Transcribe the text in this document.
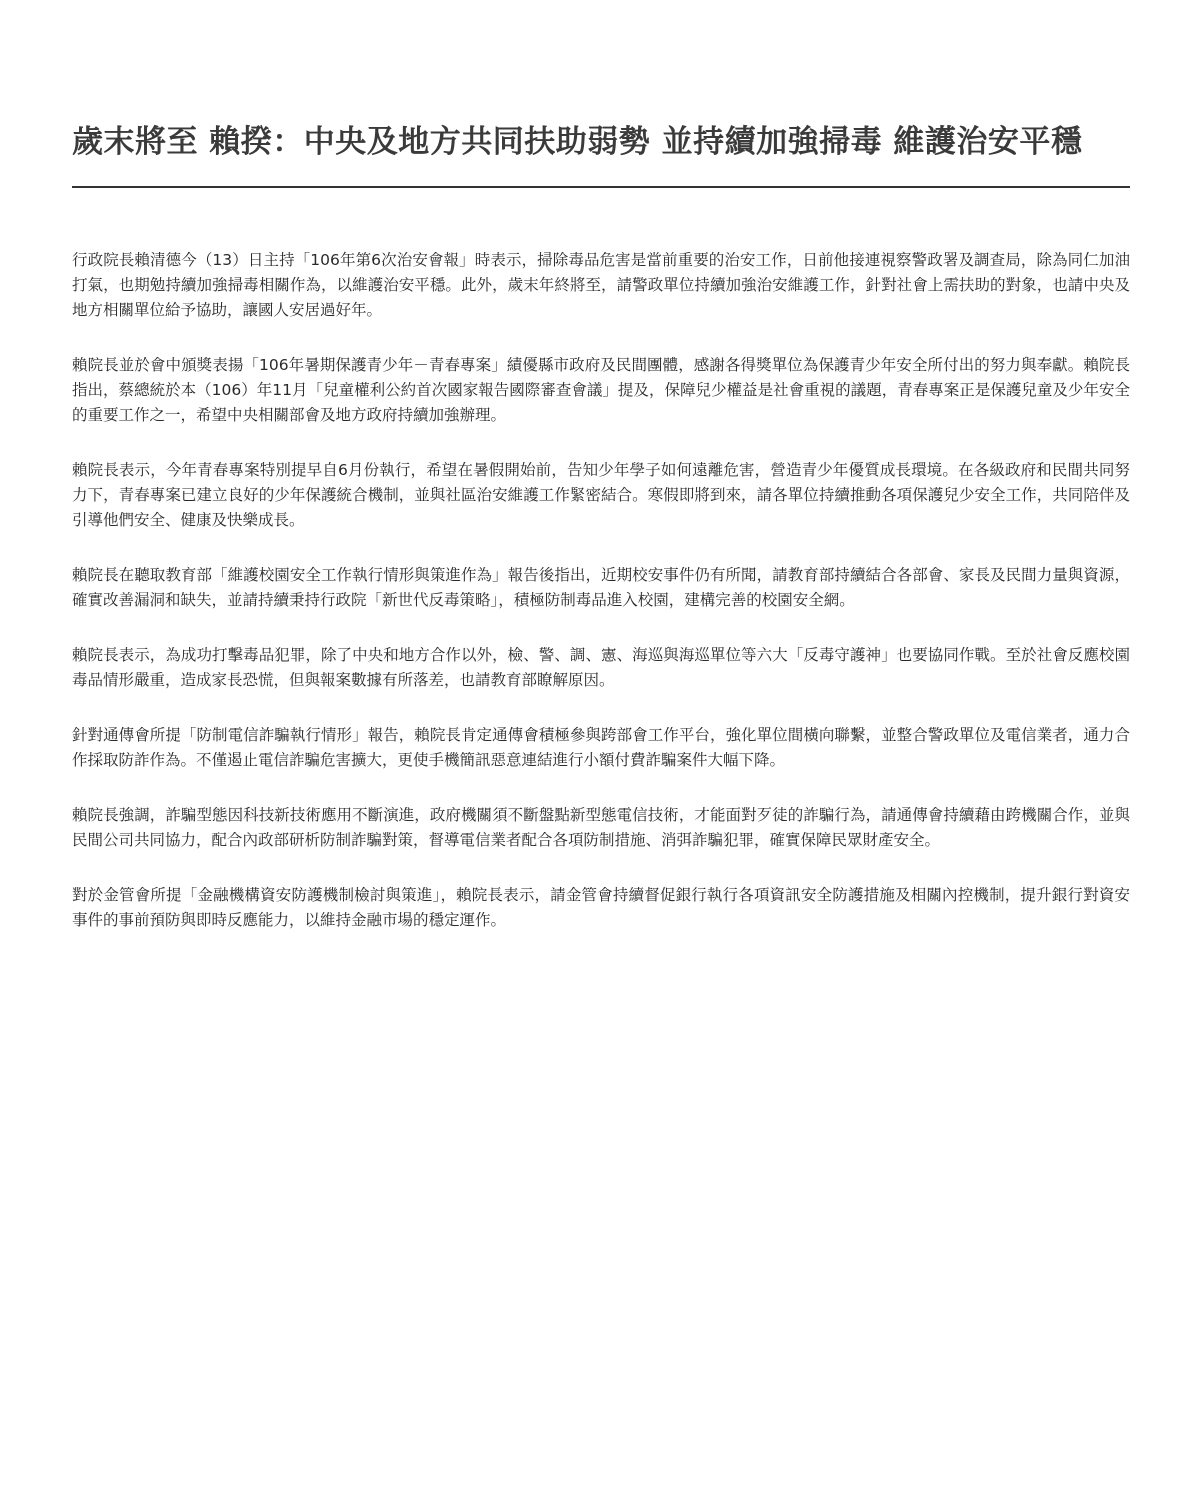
歲末將至 賴揆：中央及地方共同扶助弱勢 並持續加強掃毒 維護治安平穩

行政院長賴清德今（13）日主持「106年第6次治安會報」時表示，掃除毒品危害是當前重要的治安工作，日前他接連視察警政署及調查局，除為同仁加油打氣，也期勉持續加強掃毒相關作為，以維護治安平穩。此外，歲末年終將至，請警政單位持續加強治安維護工作，針對社會上需扶助的對象，也請中央及地方相關單位給予協助，讓國人安居過好年。

賴院長並於會中頒獎表揚「106年暑期保護青少年－青春專案」績優縣市政府及民間團體，感謝各得獎單位為保護青少年安全所付出的努力與奉獻。賴院長指出，蔡總統於本（106）年11月「兒童權利公約首次國家報告國際審查會議」提及，保障兒少權益是社會重視的議題，青春專案正是保護兒童及少年安全的重要工作之一，希望中央相關部會及地方政府持續加強辦理。

賴院長表示，今年青春專案特別提早自6月份執行，希望在暑假開始前，告知少年學子如何遠離危害，營造青少年優質成長環境。在各級政府和民間共同努力下，青春專案已建立良好的少年保護統合機制，並與社區治安維護工作緊密結合。寒假即將到來，請各單位持續推動各項保護兒少安全工作，共同陪伴及引導他們安全、健康及快樂成長。

賴院長在聽取教育部「維護校園安全工作執行情形與策進作為」報告後指出，近期校安事件仍有所聞，請教育部持續結合各部會、家長及民間力量與資源，確實改善漏洞和缺失，並請持續秉持行政院「新世代反毒策略」，積極防制毒品進入校園，建構完善的校園安全網。

賴院長表示，為成功打擊毒品犯罪，除了中央和地方合作以外，檢、警、調、憲、海巡與海巡單位等六大「反毒守護神」也要協同作戰。至於社會反應校園毒品情形嚴重，造成家長恐慌，但與報案數據有所落差，也請教育部瞭解原因。

針對通傳會所提「防制電信詐騙執行情形」報告，賴院長肯定通傳會積極參與跨部會工作平台，強化單位間橫向聯繫，並整合警政單位及電信業者，通力合作採取防詐作為。不僅遏止電信詐騙危害擴大，更使手機簡訊惡意連結進行小額付費詐騙案件大幅下降。

賴院長強調，詐騙型態因科技新技術應用不斷演進，政府機關須不斷盤點新型態電信技術，才能面對歹徒的詐騙行為，請通傳會持續藉由跨機關合作，並與民間公司共同協力，配合內政部研析防制詐騙對策，督導電信業者配合各項防制措施、消弭詐騙犯罪，確實保障民眾財產安全。

對於金管會所提「金融機構資安防護機制檢討與策進」，賴院長表示，請金管會持續督促銀行執行各項資訊安全防護措施及相關內控機制，提升銀行對資安事件的事前預防與即時反應能力，以維持金融市場的穩定運作。
